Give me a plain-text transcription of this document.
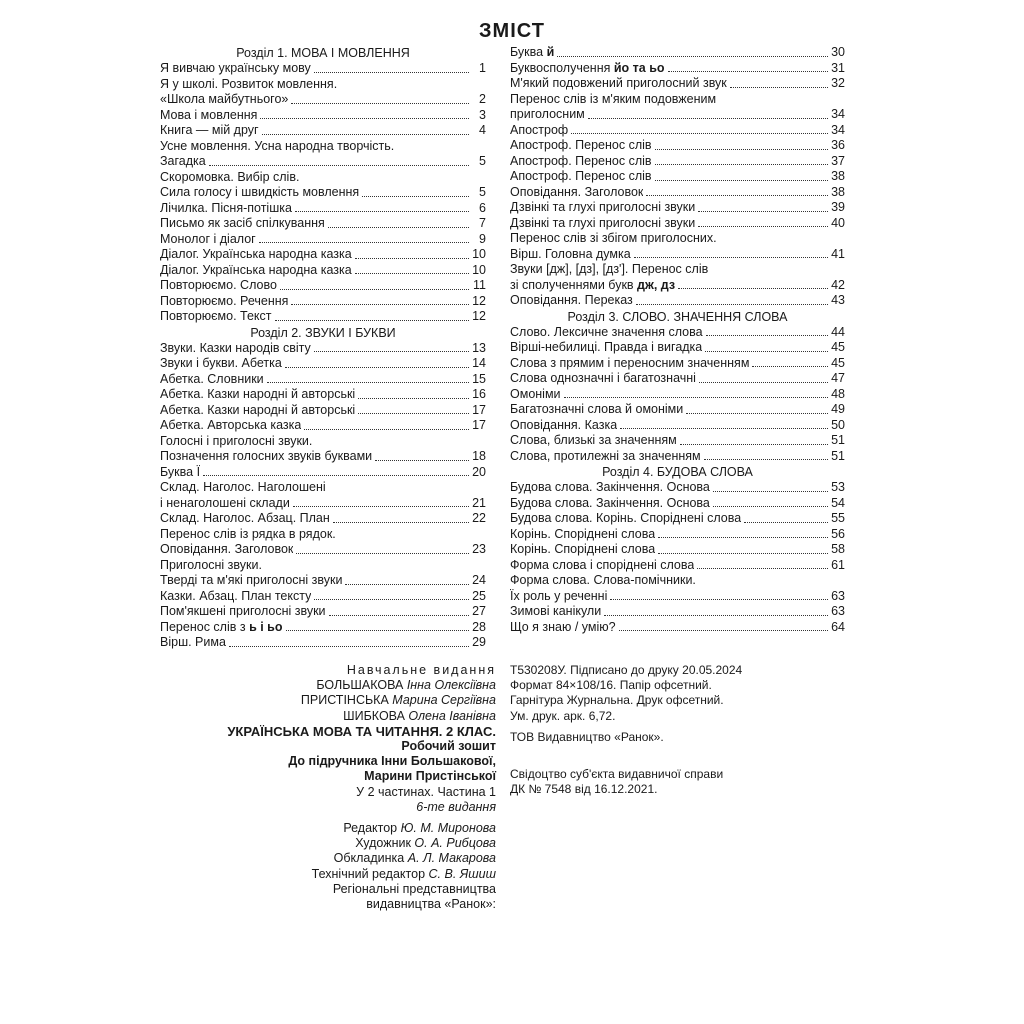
ЗМІСТ
Розділ 1. МОВА І МОВЛЕННЯ
Я вивчаю українську мову	1
Я у школі. Розвиток мовлення.
«Школа майбутнього»	2
Мова і мовлення	3
Книга — мій друг	4
Усне мовлення. Усна народна творчість.
Загадка	5
Скоромовка. Вибір слів.
Сила голосу і швидкість мовлення	5
Лічилка. Пісня-потішка	6
Письмо як засіб спілкування	7
Монолог і діалог	9
Діалог. Українська народна казка	10
Діалог. Українська народна казка	10
Повторюємо. Слово	11
Повторюємо. Речення	12
Повторюємо. Текст	12
Розділ 2. ЗВУКИ І БУКВИ
Звуки. Казки народів світу	13
Звуки і букви. Абетка	14
Абетка. Словники	15
Абетка. Казки народні й авторські	16
Абетка. Казки народні й авторські	17
Абетка. Авторська казка	17
Голосні і приголосні звуки.
Позначення голосних звуків буквами	18
Буква Ї	20
Склад. Наголос. Наголошені
і ненаголошені склади	21
Склад. Наголос. Абзац. План	22
Перенос слів із рядка в рядок.
Оповідання. Заголовок	23
Приголосні звуки.
Тверді та м'які приголосні звуки	24
Казки. Абзац. План тексту	25
Пом'якшені приголосні звуки	27
Перенос слів з ь і ьо	28
Вірш. Рима	29
Буква й	30
Буквосполучення йо та ьо	31
М'який подовжений приголосний звук	32
Перенос слів із м'яким подовженим
приголосним	34
Апостроф	34
Апостроф. Перенос слів	36
Апостроф. Перенос слів	37
Апостроф. Перенос слів	38
Оповідання. Заголовок	38
Дзвінкі та глухі приголосні звуки	39
Дзвінкі та глухі приголосні звуки	40
Перенос слів зі збігом приголосних.
Вірш. Головна думка	41
Звуки [дж], [дз], [дз']. Перенос слів
зі сполученнями букв дж, дз	42
Оповідання. Переказ	43
Розділ 3. СЛОВО. ЗНАЧЕННЯ СЛОВА
Слово. Лексичне значення слова	44
Вірші-небилиці. Правда і вигадка	45
Слова з прямим і переносним значенням	45
Слова однозначні і багатозначні	47
Омоніми	48
Багатозначні слова й омоніми	49
Оповідання. Казка	50
Слова, близькі за значенням	51
Слова, протилежні за значенням	51
Розділ 4. БУДОВА СЛОВА
Будова слова. Закінчення. Основа	53
Будова слова. Закінчення. Основа	54
Будова слова. Корінь. Споріднені слова	55
Корінь. Споріднені слова	56
Корінь. Споріднені слова	58
Форма слова і споріднені слова	61
Форма слова. Слова-помічники.
Їх роль у реченні	63
Зимові канікули	63
Що я знаю / умію?	64
Навчальне видання
БОЛЬШАКОВА Інна Олексіївна
ПРИСТІНСЬКА Марина Сергіївна
ШИБКОВА Олена Іванівна
УКРАЇНСЬКА МОВА ТА ЧИТАННЯ. 2 КЛАС.
Робочий зошит
До підручника Інни Большакової,
Марини Пристінської
У 2 частинах. Частина 1
6-те видання
Редактор Ю. М. Миронова
Художник О. А. Рибцова
Обкладинка А. Л. Макарова
Технічний редактор С. В. Яшиш
Регіональні представництва
видавництва «Ранок»:
Т530208У. Підписано до друку 20.05.2024
Формат 84×108/16. Папір офсетний.
Гарнітура Журнальна. Друк офсетний.
Ум. друк. арк. 6,72.
ТОВ Видавництво «Ранок».
Свідоцтво суб'єкта видавничої справи
ДК № 7548 від 16.12.2021.
